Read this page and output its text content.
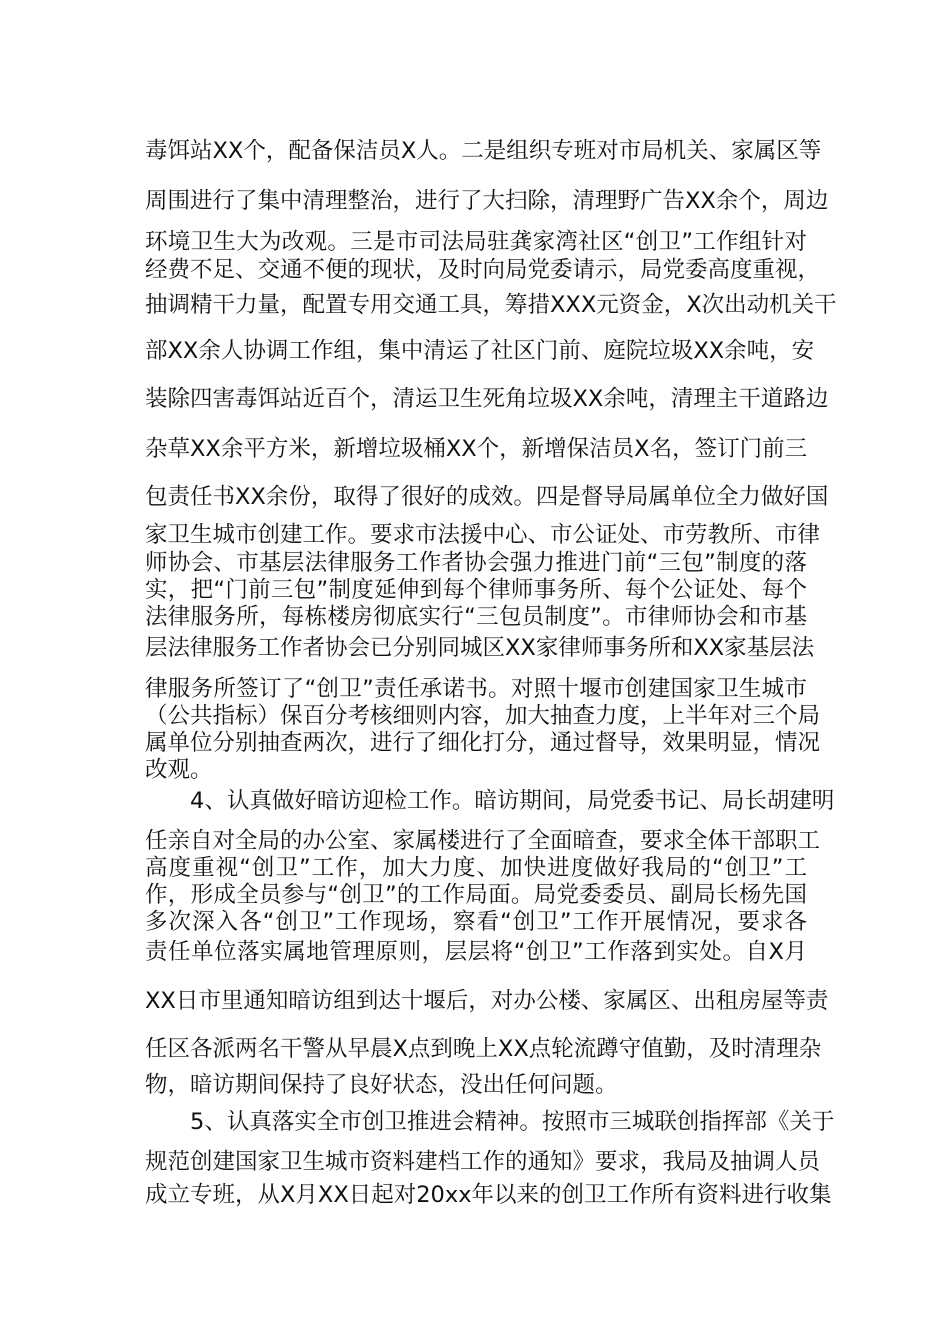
毒饵站XX个，配备保洁员X人。二是组织专班对市局机关、家属区等
周围进行了集中清理整治，进行了大扫除，清理野广告XX余个，周边
环境卫生大为改观。三是市司法局驻龚家湾社区“创卫”工作组针对
经费不足、交通不便的现状，及时向局党委请示，局党委高度重视，
抽调精干力量，配置专用交通工具，筹措XXX元资金，X次出动机关干
部XX余人协调工作组，集中清运了社区门前、庭院垃圾XX余吨，安
装除四害毒饵站近百个，清运卫生死角垃圾XX余吨，清理主干道路边
杂草XX余平方米，新增垃圾桶XX个，新增保洁员X名，签订门前三
包责任书XX余份，取得了很好的成效。四是督导局属单位全力做好国
家卫生城市创建工作。要求市法援中心、市公证处、市劳教所、市律
师协会、市基层法律服务工作者协会强力推进门前“三包”制度的落
实，把“门前三包”制度延伸到每个律师事务所、每个公证处、每个
法律服务所，每栋楼房彻底实行“三包员制度”。市律师协会和市基
层法律服务工作者协会已分别同城区XX家律师事务所和XX家基层法
律服务所签订了“创卫”责任承诺书。对照十堰市创建国家卫生城市
（公共指标）保百分考核细则内容，加大抽查力度，上半年对三个局
属单位分别抽查两次，进行了细化打分，通过督导，效果明显，情况
改观。
4、认真做好暗访迎检工作。暗访期间，局党委书记、局长胡建明
任亲自对全局的办公室、家属楼进行了全面暗查，要求全体干部职工
高度重视“创卫”工作，加大力度、加快进度做好我局的“创卫”工
作，形成全员参与“创卫”的工作局面。局党委委员、副局长杨先国
多次深入各“创卫”工作现场，察看“创卫”工作开展情况，要求各
责任单位落实属地管理原则，层层将“创卫”工作落到实处。自X月
XX日市里通知暗访组到达十堰后，对办公楼、家属区、出租房屋等责
任区各派两名干警从早晨X点到晚上XX点轮流蹲守值勤，及时清理杂
物，暗访期间保持了良好状态，没出任何问题。
5、认真落实全市创卫推进会精神。按照市三城联创指挥部《关于
规范创建国家卫生城市资料建档工作的通知》要求，我局及抽调人员
成立专班，从X月XX日起对20xx年以来的创卫工作所有资料进行收集
